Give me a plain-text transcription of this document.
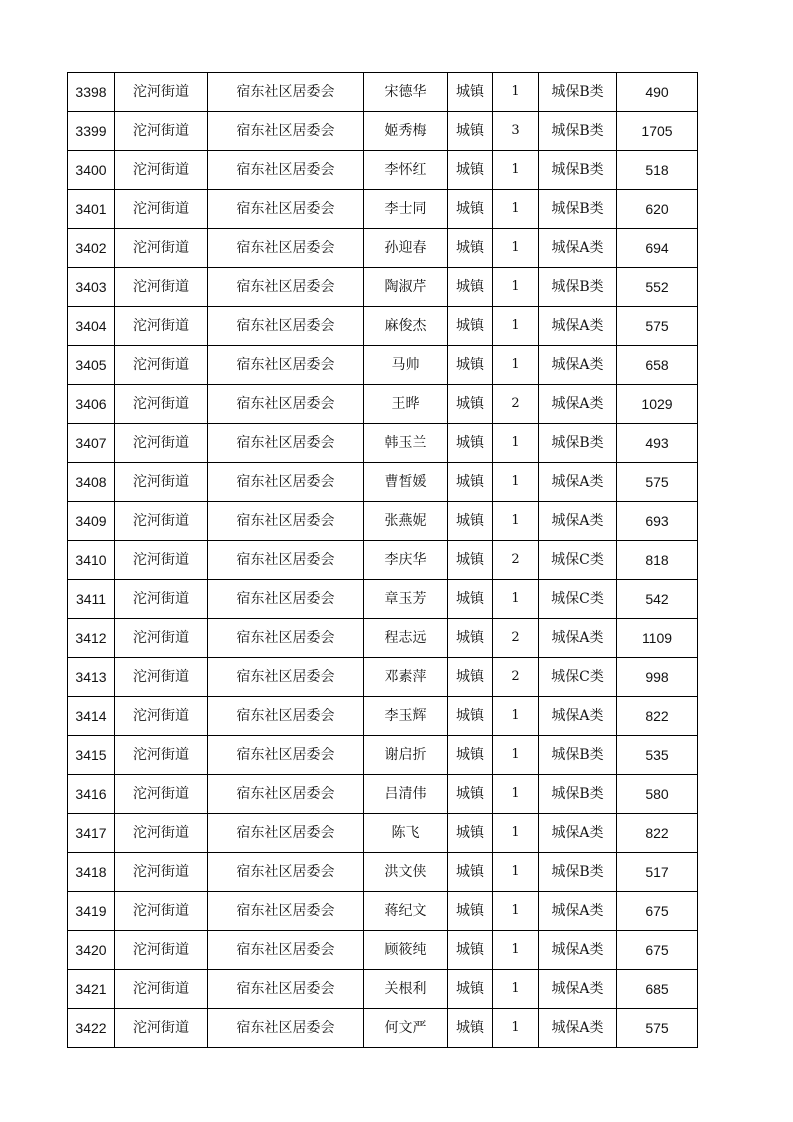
3398	沱河街道	宿东社区居委会	宋德华	城镇	1	城保B类	490
3399	沱河街道	宿东社区居委会	姬秀梅	城镇	3	城保B类	1705
3400	沱河街道	宿东社区居委会	李怀红	城镇	1	城保B类	518
3401	沱河街道	宿东社区居委会	李士同	城镇	1	城保B类	620
3402	沱河街道	宿东社区居委会	孙迎春	城镇	1	城保A类	694
3403	沱河街道	宿东社区居委会	陶淑芹	城镇	1	城保B类	552
3404	沱河街道	宿东社区居委会	麻俊杰	城镇	1	城保A类	575
3405	沱河街道	宿东社区居委会	马帅	城镇	1	城保A类	658
3406	沱河街道	宿东社区居委会	王晔	城镇	2	城保A类	1029
3407	沱河街道	宿东社区居委会	韩玉兰	城镇	1	城保B类	493
3408	沱河街道	宿东社区居委会	曹皙媛	城镇	1	城保A类	575
3409	沱河街道	宿东社区居委会	张燕妮	城镇	1	城保A类	693
3410	沱河街道	宿东社区居委会	李庆华	城镇	2	城保C类	818
3411	沱河街道	宿东社区居委会	章玉芳	城镇	1	城保C类	542
3412	沱河街道	宿东社区居委会	程志远	城镇	2	城保A类	1109
3413	沱河街道	宿东社区居委会	邓素萍	城镇	2	城保C类	998
3414	沱河街道	宿东社区居委会	李玉辉	城镇	1	城保A类	822
3415	沱河街道	宿东社区居委会	谢启折	城镇	1	城保B类	535
3416	沱河街道	宿东社区居委会	吕清伟	城镇	1	城保B类	580
3417	沱河街道	宿东社区居委会	陈飞	城镇	1	城保A类	822
3418	沱河街道	宿东社区居委会	洪文侠	城镇	1	城保B类	517
3419	沱河街道	宿东社区居委会	蒋纪文	城镇	1	城保A类	675
3420	沱河街道	宿东社区居委会	顾筱纯	城镇	1	城保A类	675
3421	沱河街道	宿东社区居委会	关根利	城镇	1	城保A类	685
3422	沱河街道	宿东社区居委会	何文严	城镇	1	城保A类	575
